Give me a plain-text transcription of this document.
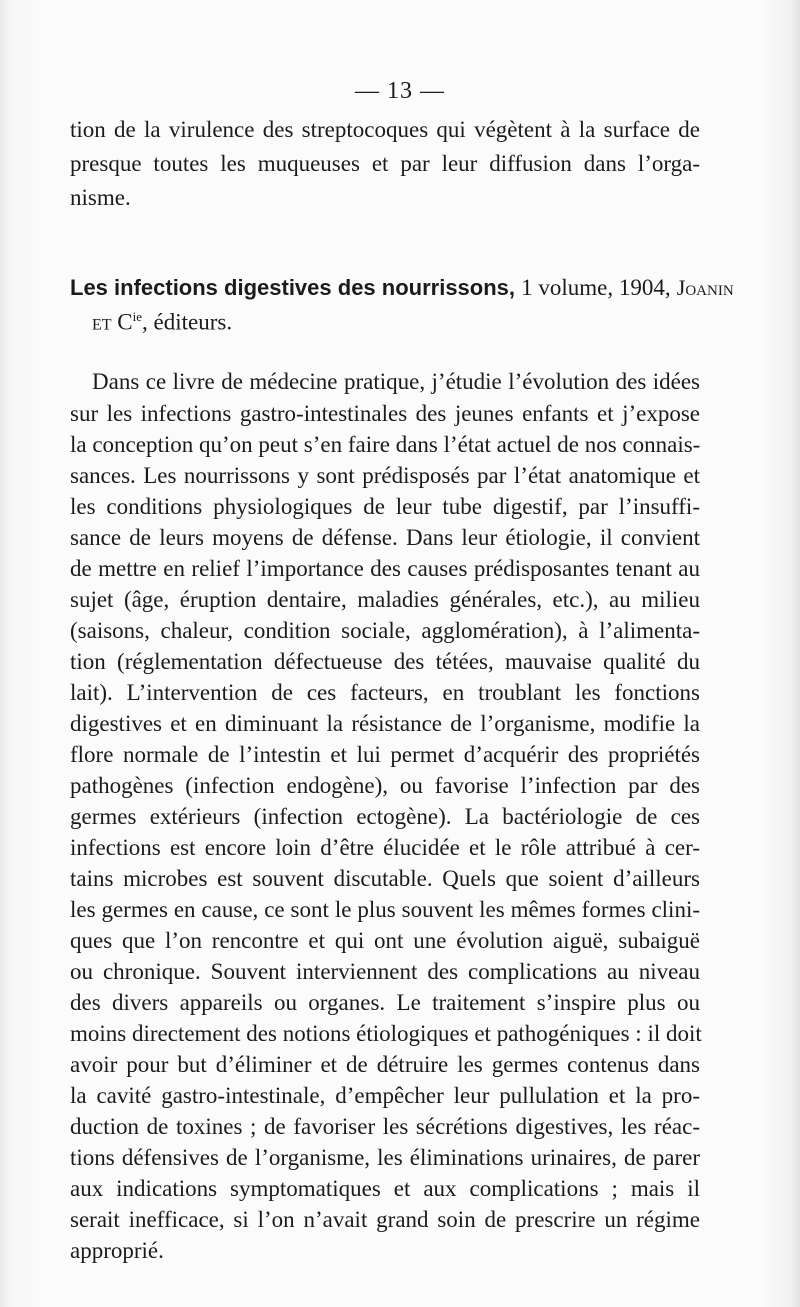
— 13 —
tion de la virulence des streptocoques qui végètent à la surface de
presque toutes les muqueuses et par leur diffusion dans l’orga-
nisme.
Les infections digestives des nourrissons, 1 volume, 1904, Joanin
et $C^{ie}$, éditeurs.
Dans ce livre de médecine pratique, j’étudie l’évolution des idées
sur les infections gastro-intestinales des jeunes enfants et j’expose
la conception qu’on peut s’en faire dans l’état actuel de nos connais-
sances. Les nourrissons y sont prédisposés par l’état anatomique et
les conditions physiologiques de leur tube digestif, par l’insuffi-
sance de leurs moyens de défense. Dans leur étiologie, il convient
de mettre en relief l’importance des causes prédisposantes tenant au
sujet (âge, éruption dentaire, maladies générales, etc.), au milieu
(saisons, chaleur, condition sociale, agglomération), à l’alimenta-
tion (réglementation défectueuse des tétées, mauvaise qualité du
lait). L’intervention de ces facteurs, en troublant les fonctions
digestives et en diminuant la résistance de l’organisme, modifie la
flore normale de l’intestin et lui permet d’acquérir des propriétés
pathogènes (infection endogène), ou favorise l’infection par des
germes extérieurs (infection ectogène). La bactériologie de ces
infections est encore loin d’être élucidée et le rôle attribué à cer-
tains microbes est souvent discutable. Quels que soient d’ailleurs
les germes en cause, ce sont le plus souvent les mêmes formes clini-
ques que l’on rencontre et qui ont une évolution aiguë, subaiguë
ou chronique. Souvent interviennent des complications au niveau
des divers appareils ou organes. Le traitement s’inspire plus ou
moins directement des notions étiologiques et pathogéniques : il doit
avoir pour but d’éliminer et de détruire les germes contenus dans
la cavité gastro-intestinale, d’empêcher leur pullulation et la pro-
duction de toxines ; de favoriser les sécrétions digestives, les réac-
tions défensives de l’organisme, les éliminations urinaires, de parer
aux indications symptomatiques et aux complications ; mais il
serait inefficace, si l’on n’avait grand soin de prescrire un régime
approprié.
